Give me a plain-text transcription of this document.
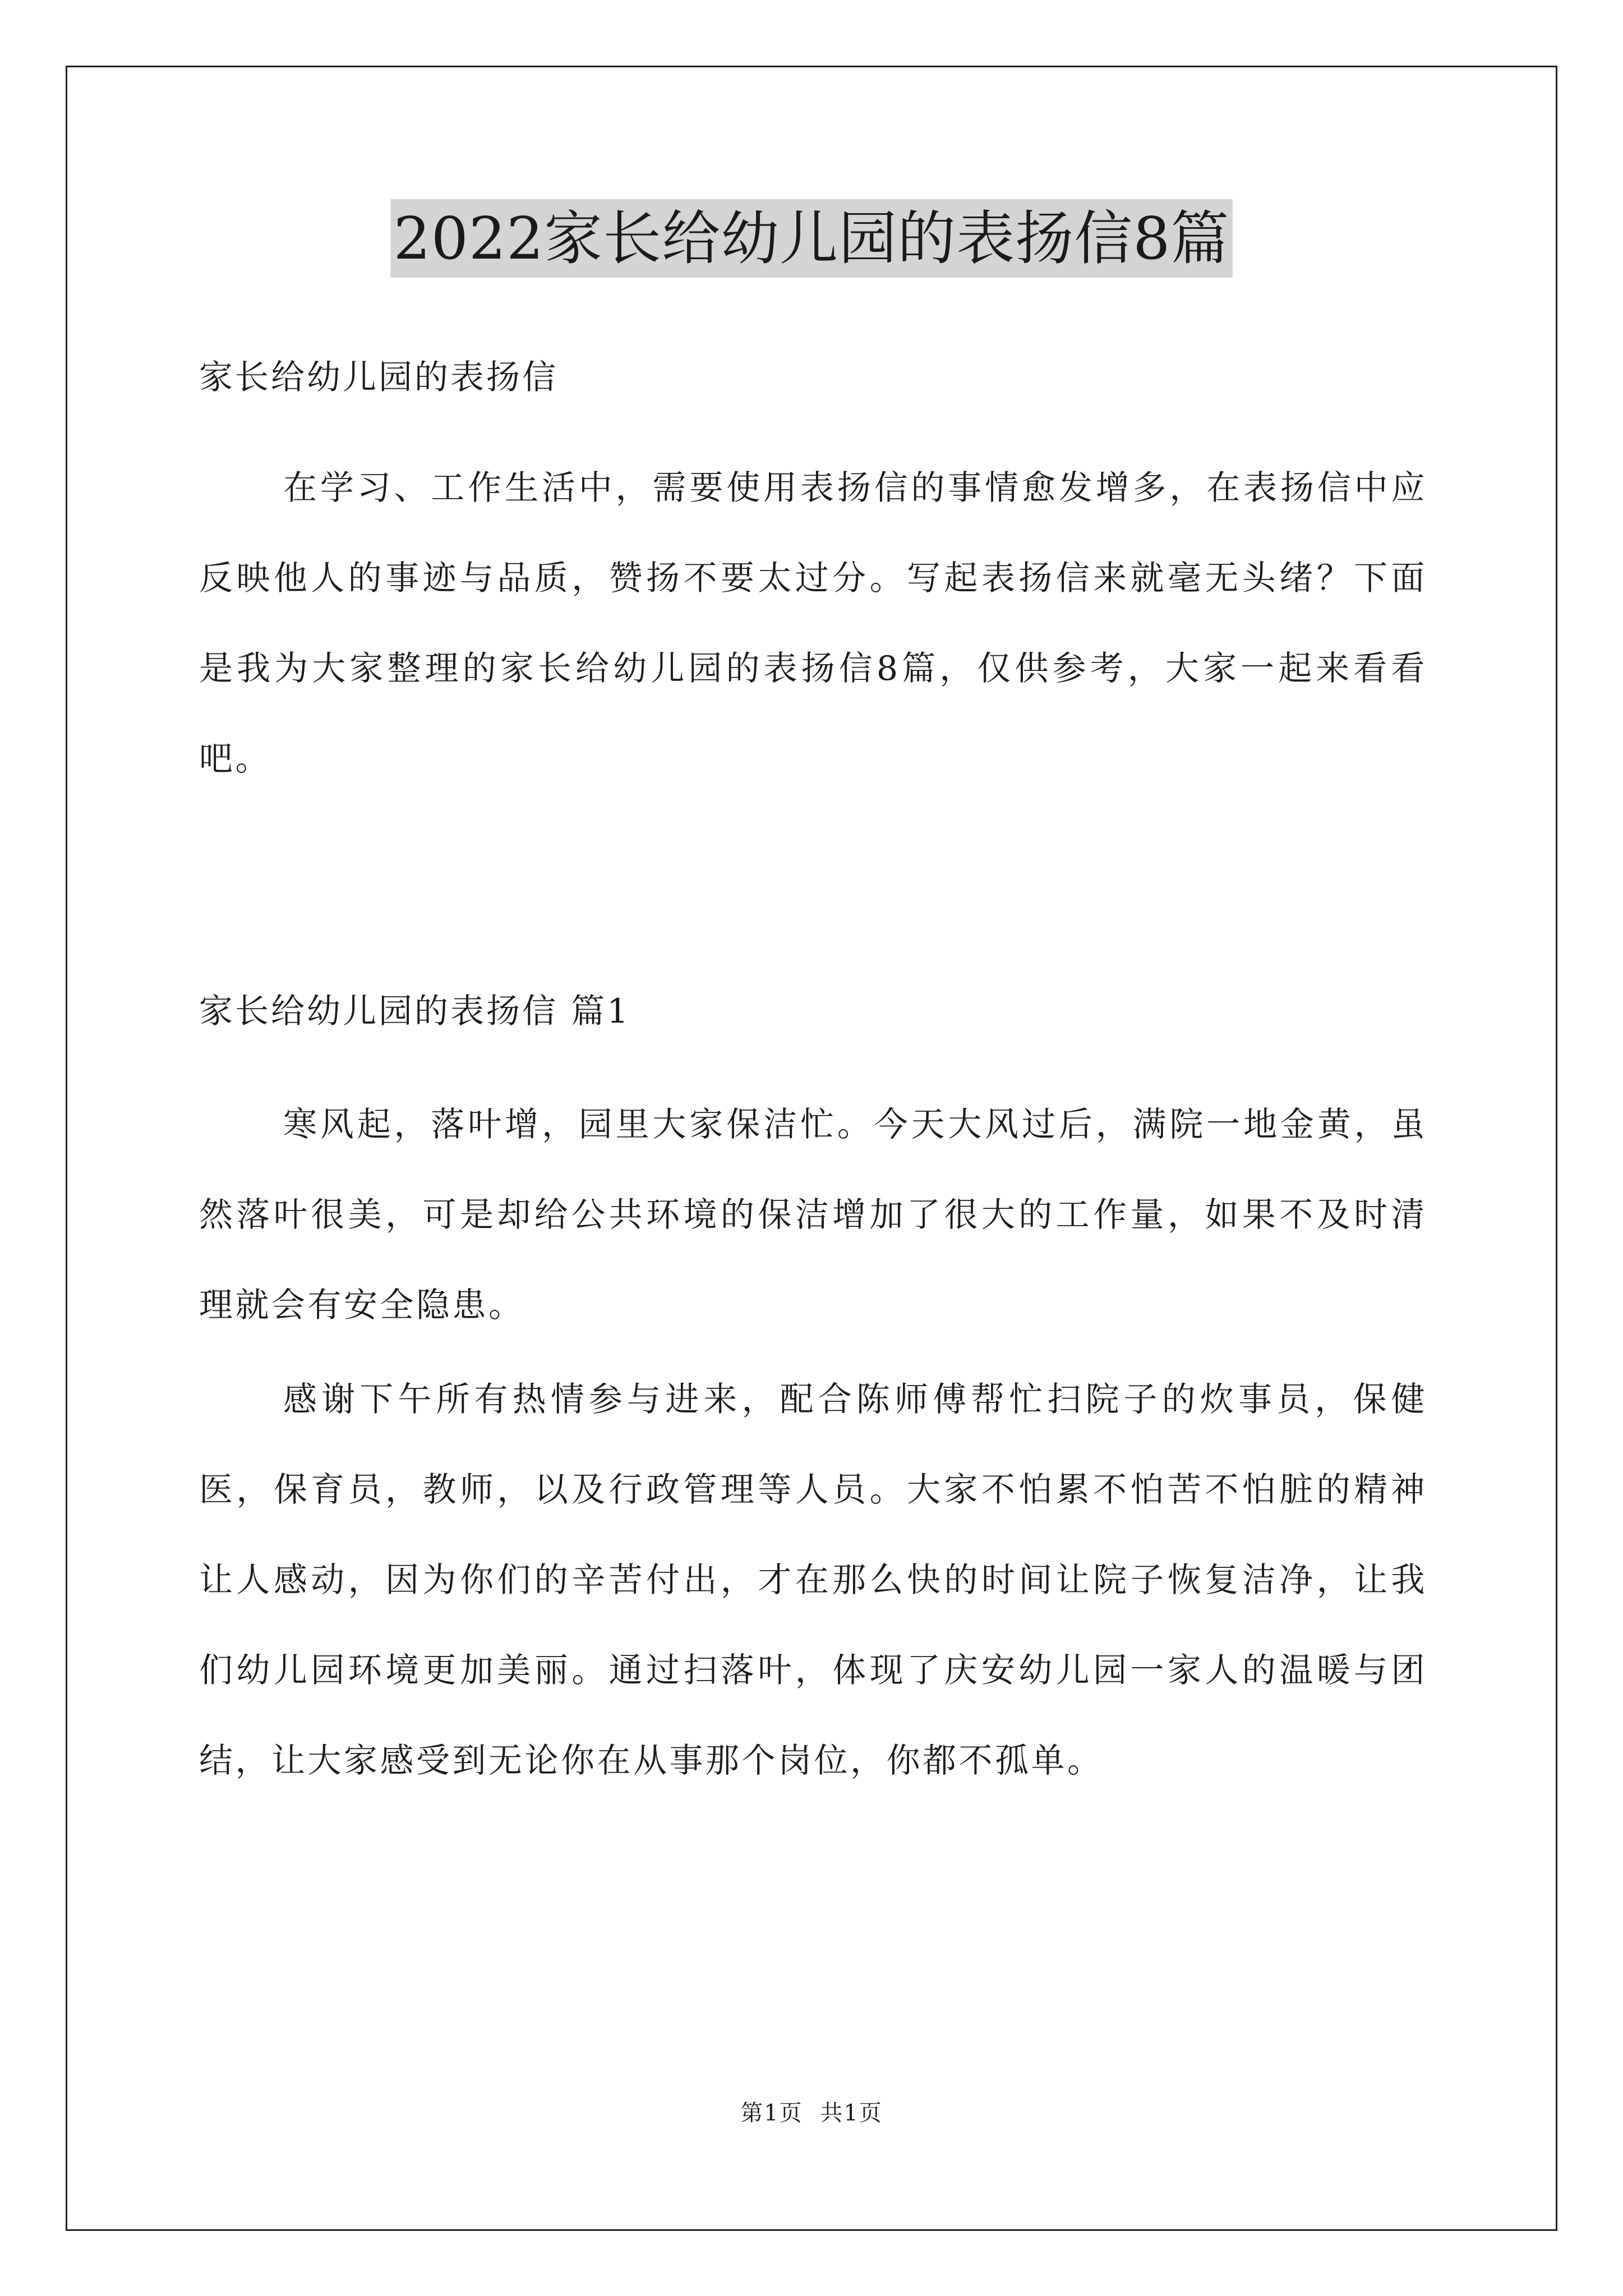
2022家长给幼儿园的表扬信8篇
家长给幼儿园的表扬信

在学习、工作生活中，需要使用表扬信的事情愈发增多，在表扬信中应反映他人的事迹与品质，赞扬不要太过分。写起表扬信来就毫无头绪？下面是我为大家整理的家长给幼儿园的表扬信8篇，仅供参考，大家一起来看看吧。

家长给幼儿园的表扬信 篇1

寒风起，落叶增，园里大家保洁忙。今天大风过后，满院一地金黄，虽然落叶很美，可是却给公共环境的保洁增加了很大的工作量，如果不及时清理就会有安全隐患。

感谢下午所有热情参与进来，配合陈师傅帮忙扫院子的炊事员，保健医，保育员，教师，以及行政管理等人员。大家不怕累不怕苦不怕脏的精神让人感动，因为你们的辛苦付出，才在那么快的时间让院子恢复洁净，让我们幼儿园环境更加美丽。通过扫落叶，体现了庆安幼儿园一家人的温暖与团结，让大家感受到无论你在从事那个岗位，你都不孤单。

第1页 共1页
